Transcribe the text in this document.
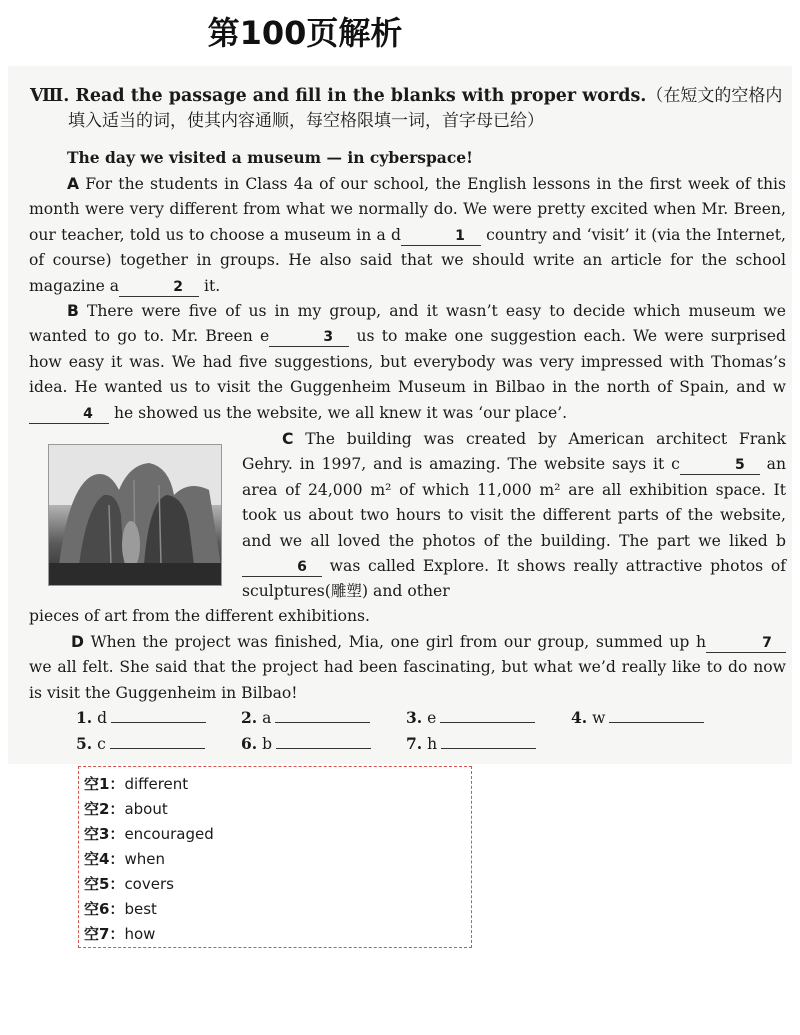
第100页解析
Ⅷ. Read the passage and fill in the blanks with proper words.（在短文的空格内
填入适当的词，使其内容通顺，每空格限填一词，首字母已给）
The day we visited a museum — in cyberspace!
A For the students in Class 4a of our school, the English lessons in the first week of this month were very different from what we normally do. We were pretty excited when Mr. Breen, our teacher, told us to choose a museum in a d	1 country and ‘visit’ it (via the Internet, of course) together in groups. He also said that we should write an article for the school magazine a	2 it.
B There were five of us in my group, and it wasn’t easy to decide which museum we wanted to go to. Mr. Breen e	3 us to make one suggestion each. We were surprised how easy it was. We had five suggestions, but everybody was very impressed with Thomas’s idea. He wanted us to visit the Guggenheim Museum in Bilbao in the north of Spain, and w4 he showed us the website, we all knew it was ‘our place’.
C The building was created by American architect Frank Gehry. in 1997, and is amazing. The website says it c	5 an area of 24,000 m² of which 11,000 m² are all exhibition space. It took us about two hours to visit the different parts of the website, and we all loved the photos of the building. The part we liked b6 was called Explore. It shows really attractive photos of sculptures(雕塑) and other
pieces of art from the different exhibitions.
D When the project was finished, Mia, one girl from our group, summed up h	7 we all felt. She said that the project had been fascinating, but what we’d really like to do now is visit the Guggenheim in Bilbao!
1. d	2. a	3. e	4. w
5. c	6. b	7. h
空1：different
空2：about
空3：encouraged
空4：when
空5：covers
空6：best
空7：how
